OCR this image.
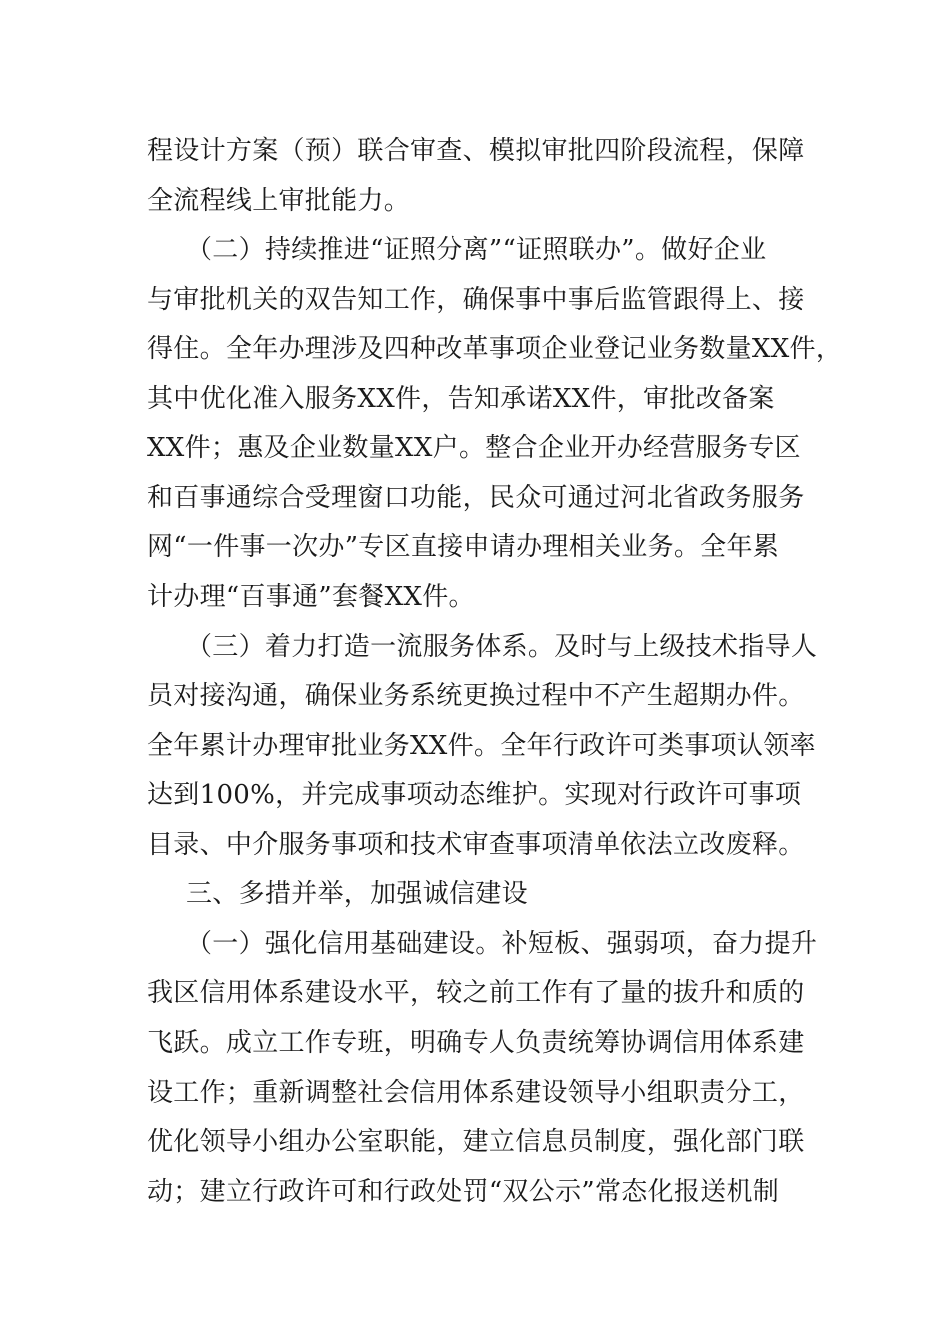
程设计方案（预）联合审查、模拟审批四阶段流程，保障
全流程线上审批能力。
（二）持续推进“证照分离”“证照联办”。做好企业
与审批机关的双告知工作，确保事中事后监管跟得上、接
得住。全年办理涉及四种改革事项企业登记业务数量XX件，
其中优化准入服务XX件，告知承诺XX件，审批改备案
XX件；惠及企业数量XX户。整合企业开办经营服务专区
和百事通综合受理窗口功能，民众可通过河北省政务服务
网“一件事一次办”专区直接申请办理相关业务。全年累
计办理“百事通”套餐XX件。
（三）着力打造一流服务体系。及时与上级技术指导人
员对接沟通，确保业务系统更换过程中不产生超期办件。
全年累计办理审批业务XX件。全年行政许可类事项认领率
达到100%，并完成事项动态维护。实现对行政许可事项
目录、中介服务事项和技术审查事项清单依法立改废释。
三、多措并举，加强诚信建设
（一）强化信用基础建设。补短板、强弱项，奋力提升
我区信用体系建设水平，较之前工作有了量的拔升和质的
飞跃。成立工作专班，明确专人负责统筹协调信用体系建
设工作；重新调整社会信用体系建设领导小组职责分工，
优化领导小组办公室职能，建立信息员制度，强化部门联
动；建立行政许可和行政处罚“双公示”常态化报送机制
